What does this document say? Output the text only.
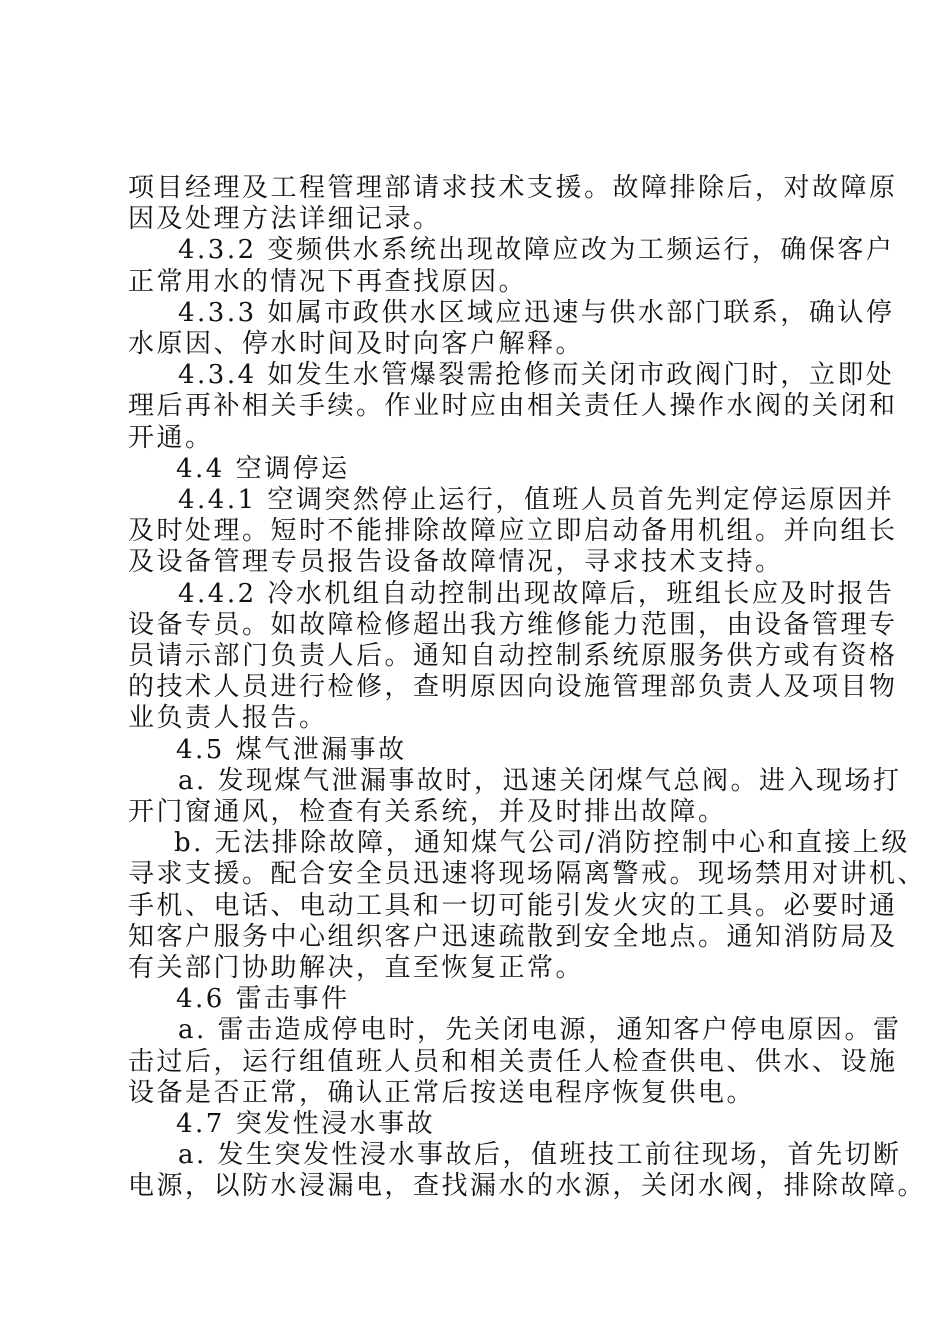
项目经理及工程管理部请求技术支援。故障排除后，对故障原
因及处理方法详细记录。
4.3.2 变频供水系统出现故障应改为工频运行，确保客户
正常用水的情况下再查找原因。
4.3.3 如属市政供水区域应迅速与供水部门联系，确认停
水原因、停水时间及时向客户解释。
4.3.4 如发生水管爆裂需抢修而关闭市政阀门时，立即处
理后再补相关手续。作业时应由相关责任人操作水阀的关闭和
开通。
4.4 空调停运
4.4.1 空调突然停止运行，值班人员首先判定停运原因并
及时处理。短时不能排除故障应立即启动备用机组。并向组长
及设备管理专员报告设备故障情况，寻求技术支持。
4.4.2 冷水机组自动控制出现故障后，班组长应及时报告
设备专员。如故障检修超出我方维修能力范围，由设备管理专
员请示部门负责人后。通知自动控制系统原服务供方或有资格
的技术人员进行检修，查明原因向设施管理部负责人及项目物
业负责人报告。
4.5 煤气泄漏事故
a. 发现煤气泄漏事故时，迅速关闭煤气总阀。进入现场打
开门窗通风，检查有关系统，并及时排出故障。
b. 无法排除故障，通知煤气公司/消防控制中心和直接上级
寻求支援。配合安全员迅速将现场隔离警戒。现场禁用对讲机、
手机、电话、电动工具和一切可能引发火灾的工具。必要时通
知客户服务中心组织客户迅速疏散到安全地点。通知消防局及
有关部门协助解决，直至恢复正常。
4.6 雷击事件
a. 雷击造成停电时，先关闭电源，通知客户停电原因。雷
击过后，运行组值班人员和相关责任人检查供电、供水、设施
设备是否正常，确认正常后按送电程序恢复供电。
4.7 突发性浸水事故
a. 发生突发性浸水事故后，值班技工前往现场，首先切断
电源，以防水浸漏电，查找漏水的水源，关闭水阀，排除故障。
